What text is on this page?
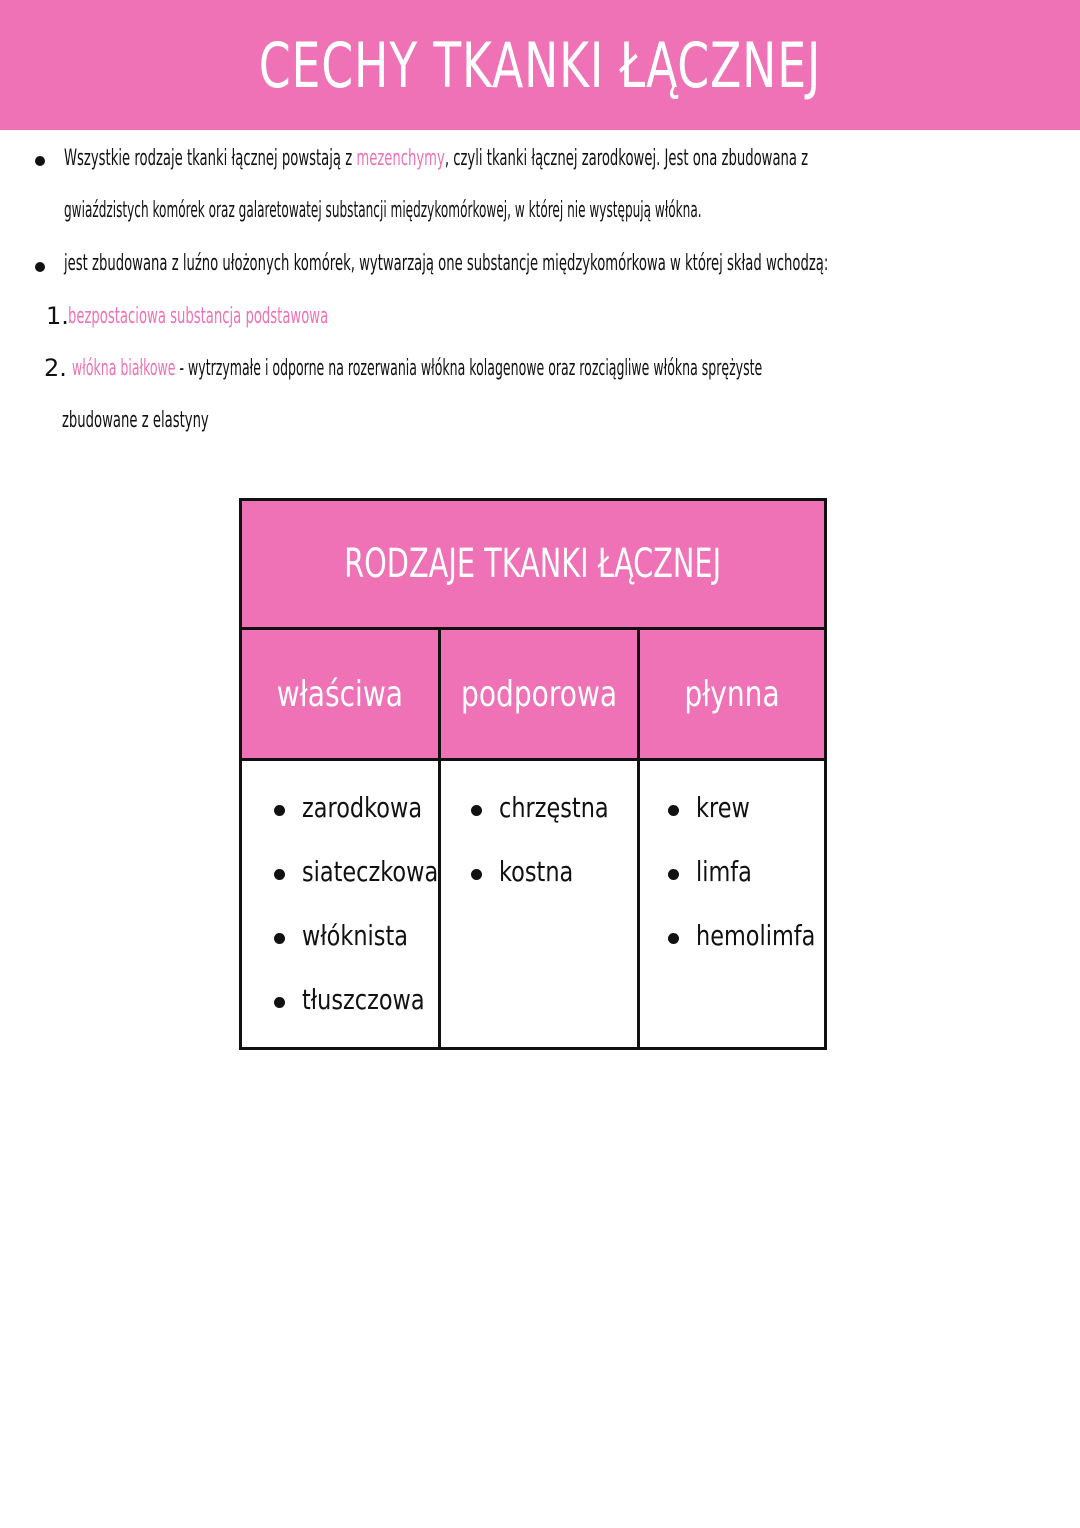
CECHY TKANKI ŁĄCZNEJ
Wszystkie rodzaje tkanki łącznej powstają z mezenchymy, czyli tkanki łącznej zarodkowej. Jest ona zbudowana z
gwiaździstych komórek oraz galaretowatej substancji międzykomórkowej, w której nie występują włókna.
jest zbudowana z luźno ułożonych komórek, wytwarzają one substancje międzykomórkowa w której skład wchodzą:
1. bezpostaciowa substancja podstawowa
2. włókna białkowe - wytrzymałe i odporne na rozerwania włókna kolagenowe oraz rozciągliwe włókna sprężyste
zbudowane z elastyny
RODZAJE TKANKI ŁĄCZNEJ
właściwa podporowa płynna
zarodkowa
siateczkowa
włóknista
tłuszczowa
chrzęstna
kostna
krew
limfa
hemolimfa
